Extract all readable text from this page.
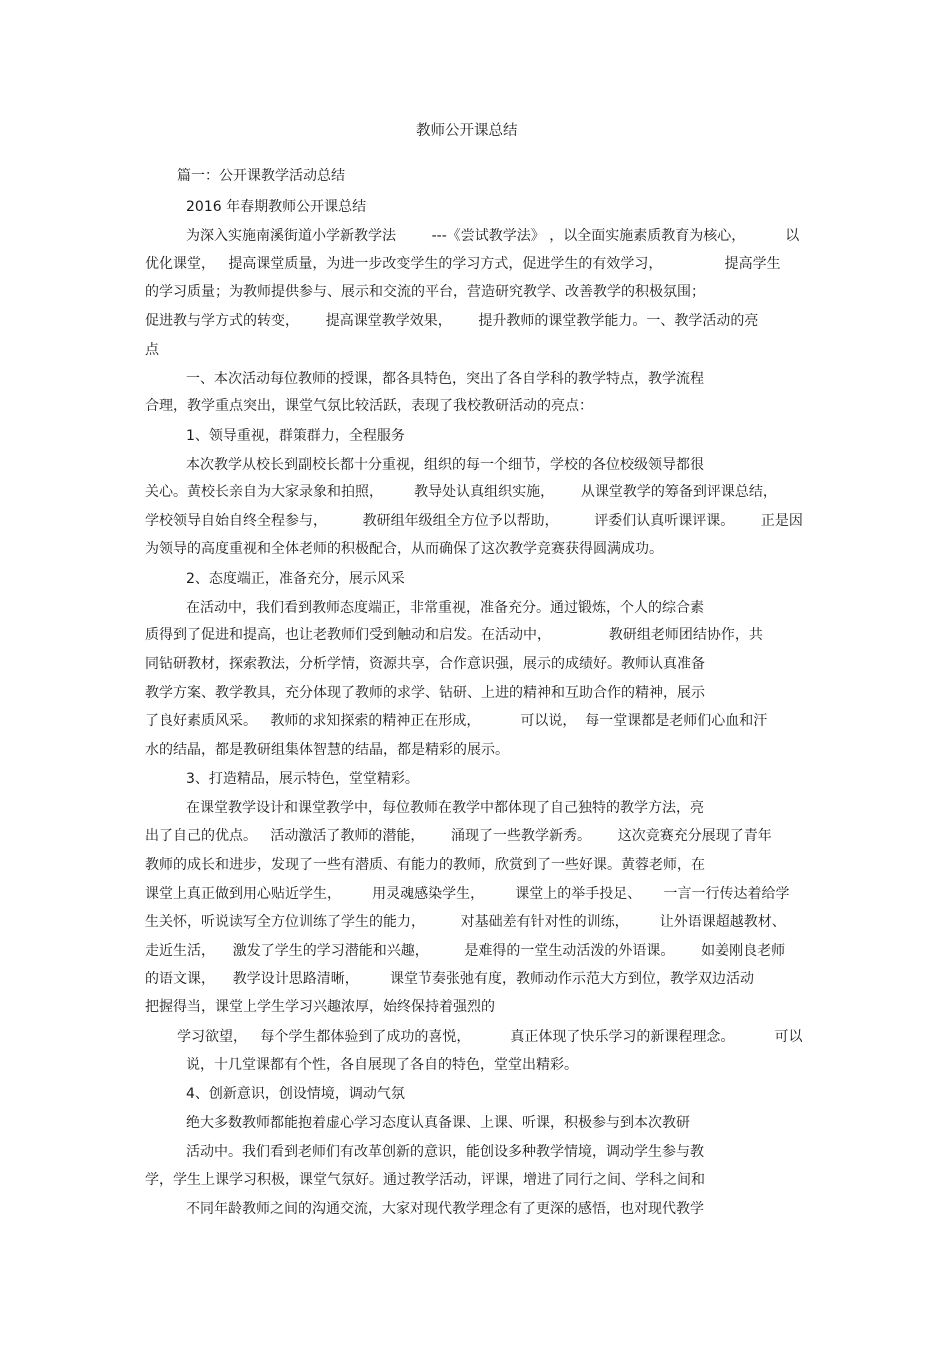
教师公开课总结
篇一：公开课教学活动总结
2016 年春期教师公开课总结
为深入实施南溪街道小学新教学法        ---《尝试教学法》 ，以全面实施素质教育为核心，         以
优化课堂，   提高课堂质量，为进一步改变学生的学习方式，促进学生的有效学习，              提高学生
的学习质量；为教师提供参与、展示和交流的平台，营造研究教学、改善教学的积极氛围；
促进教与学方式的转变，      提高课堂教学效果，      提升教师的课堂教学能力。一、教学活动的亮
点
一、本次活动每位教师的授课，都各具特色，突出了各自学科的教学特点，教学流程
合理，教学重点突出，课堂气氛比较活跃，表现了我校教研活动的亮点：
1、领导重视，群策群力，全程服务
本次教学从校长到副校长都十分重视，组织的每一个细节，学校的各位校级领导都很
关心。黄校长亲自为大家录象和拍照，       教导处认真组织实施，      从课堂教学的筹备到评课总结，
学校领导自始自终全程参与，        教研组年级组全方位予以帮助，        评委们认真听课评课。      正是因
为领导的高度重视和全体老师的积极配合，从而确保了这次教学竞赛获得圆满成功。
2、态度端正，准备充分，展示风采
在活动中，我们看到教师态度端正，非常重视，准备充分。通过锻炼，个人的综合素
质得到了促进和提高，也让老教师们受到触动和启发。在活动中，             教研组老师团结协作，共
同钻研教材，探索教法，分析学情，资源共享，合作意识强，展示的成绩好。教师认真准备
教学方案、教学教具，充分体现了教师的求学、钻研、上进的精神和互助合作的精神，展示
了良好素质风采。   教师的求知探索的精神正在形成，         可以说，  每一堂课都是老师们心血和汗
水的结晶，都是教研组集体智慧的结晶，都是精彩的展示。
3、打造精品，展示特色，堂堂精彩。
在课堂教学设计和课堂教学中，每位教师在教学中都体现了自己独特的教学方法，亮
出了自己的优点。   活动激活了教师的潜能，      涌现了一些教学新秀。      这次竞赛充分展现了青年
教师的成长和进步，发现了一些有潜质、有能力的教师，欣赏到了一些好课。黄蓉老师，在
课堂上真正做到用心贴近学生，       用灵魂感染学生，       课堂上的举手投足、     一言一行传达着给学
生关怀，听说读写全方位训练了学生的能力，        对基础差有针对性的训练，       让外语课超越教材、
走近生活，    激发了学生的学习潜能和兴趣，        是难得的一堂生动活泼的外语课。      如姜刚良老师
的语文课，    教学设计思路清晰，       课堂节奏张弛有度，教师动作示范大方到位，教学双边活动
把握得当，课堂上学生学习兴趣浓厚，始终保持着强烈的
学习欲望，   每个学生都体验到了成功的喜悦，         真正体现了快乐学习的新课程理念。         可以
说，十几堂课都有个性，各自展现了各自的特色，堂堂出精彩。
4、创新意识，创设情境，调动气氛
绝大多数教师都能抱着虚心学习态度认真备课、上课、听课，积极参与到本次教研
活动中。我们看到老师们有改革创新的意识，能创设多种教学情境，调动学生参与教
学，学生上课学习积极，课堂气氛好。通过教学活动，评课，增进了同行之间、学科之间和
不同年龄教师之间的沟通交流，大家对现代教学理念有了更深的感悟，也对现代教学
